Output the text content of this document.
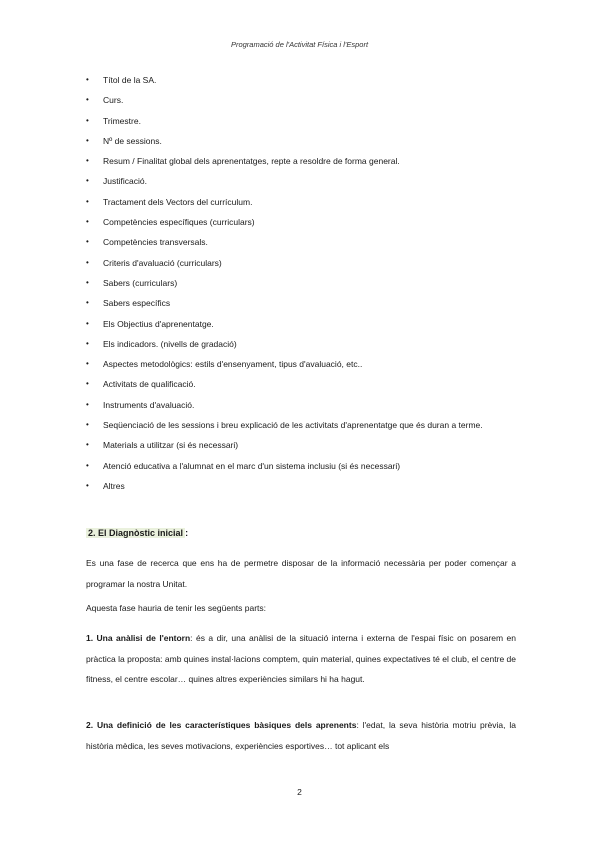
Programació de l'Activitat Física i l'Esport
• Títol de la SA.
• Curs.
• Trimestre.
• Nº de sessions.
• Resum / Finalitat global dels aprenentatges, repte a resoldre de forma general.
• Justificació.
• Tractament dels Vectors del currículum.
• Competències específiques (curriculars)
• Competències transversals.
• Criteris d'avaluació (curriculars)
• Sabers (curriculars)
• Sabers específics
• Els Objectius d'aprenentatge.
• Els indicadors. (nivells de gradació)
• Aspectes metodològics: estils d'ensenyament, tipus d'avaluació, etc..
• Activitats de qualificació.
• Instruments d'avaluació.
• Seqüenciació de les sessions i breu explicació de les activitats d'aprenentatge que és duran a terme.
• Materials a utilitzar (si és necessari)
• Atenció educativa a l'alumnat en el marc d'un sistema inclusiu (si és necessari)
• Altres
2. El Diagnòstic inicial :

Es una fase de recerca que ens ha de permetre disposar de la informació necessària per poder començar a programar la nostra Unitat.

Aquesta fase hauria de tenir les següents parts:

1. Una anàlisi de l'entorn: és a dir, una anàlisi de la situació interna i externa de l'espai físic on posarem en pràctica la proposta: amb quines instal·lacions comptem, quin material, quines expectatives té el club, el centre de fitness, el centre escolar… quines altres experiències similars hi ha hagut.

2. Una definició de les característiques bàsiques dels aprenents: l'edat, la seva història motriu prèvia, la història mèdica, les seves motivacions, experiències esportives… tot aplicant els

2
